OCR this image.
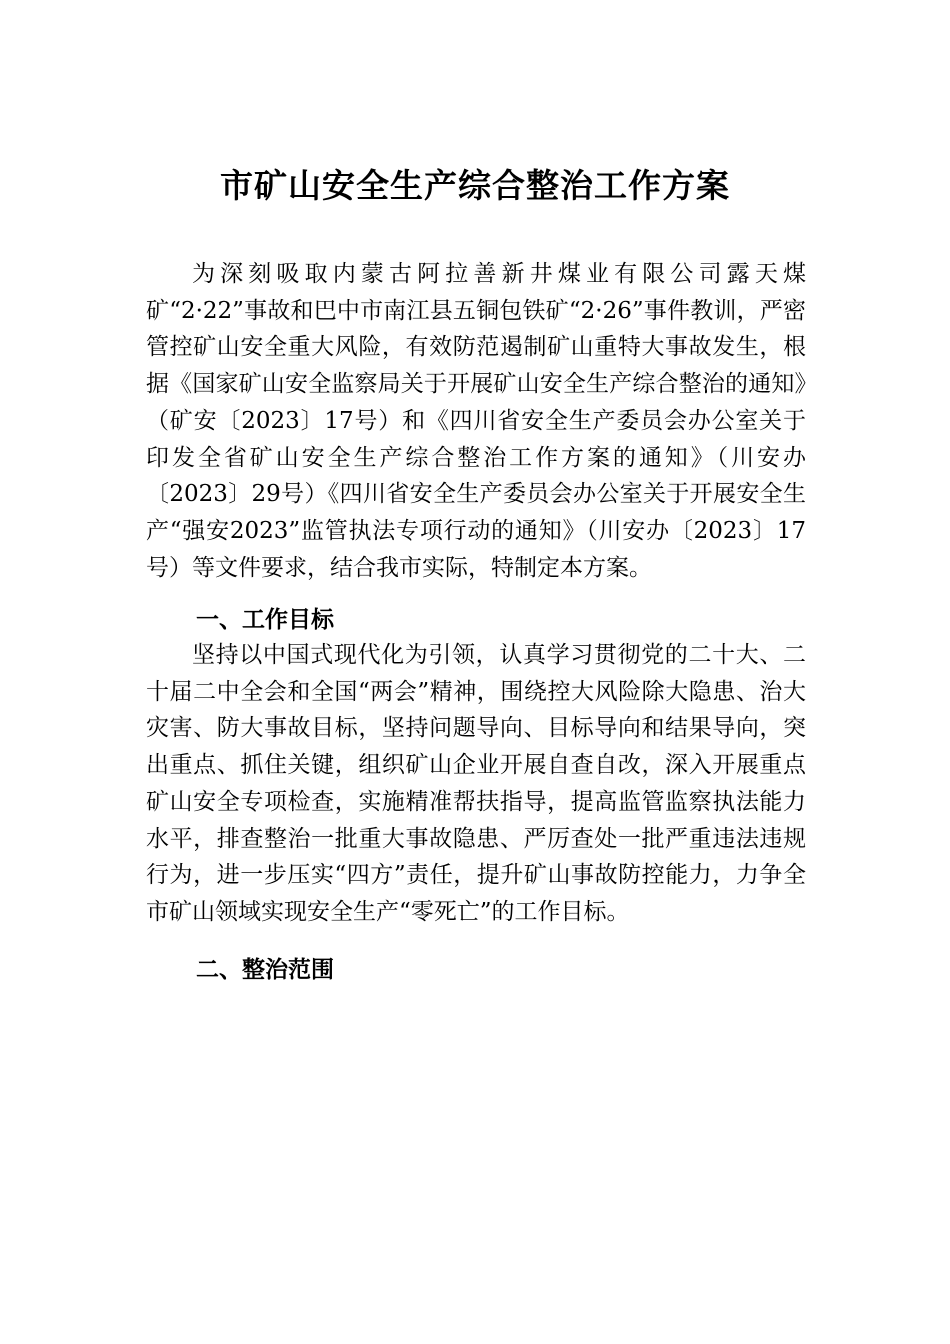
市矿山安全生产综合整治工作方案

为深刻吸取内蒙古阿拉善新井煤业有限公司露天煤矿“2·22”事故和巴中市南江县五铜包铁矿“2·26”事件教训，严密管控矿山安全重大风险，有效防范遏制矿山重特大事故发生，根据《国家矿山安全监察局关于开展矿山安全生产综合整治的通知》（矿安〔2023〕17号）和《四川省安全生产委员会办公室关于印发全省矿山安全生产综合整治工作方案的通知》（川安办〔2023〕29号）《四川省安全生产委员会办公室关于开展安全生产“强安2023”监管执法专项行动的通知》（川安办〔2023〕17号）等文件要求，结合我市实际，特制定本方案。

一、工作目标

坚持以中国式现代化为引领，认真学习贯彻党的二十大、二十届二中全会和全国“两会”精神，围绕控大风险除大隐患、治大灾害、防大事故目标，坚持问题导向、目标导向和结果导向，突出重点、抓住关键，组织矿山企业开展自查自改，深入开展重点矿山安全专项检查，实施精准帮扶指导，提高监管监察执法能力水平，排查整治一批重大事故隐患、严厉查处一批严重违法违规行为，进一步压实“四方”责任，提升矿山事故防控能力，力争全市矿山领域实现安全生产“零死亡”的工作目标。

二、整治范围
